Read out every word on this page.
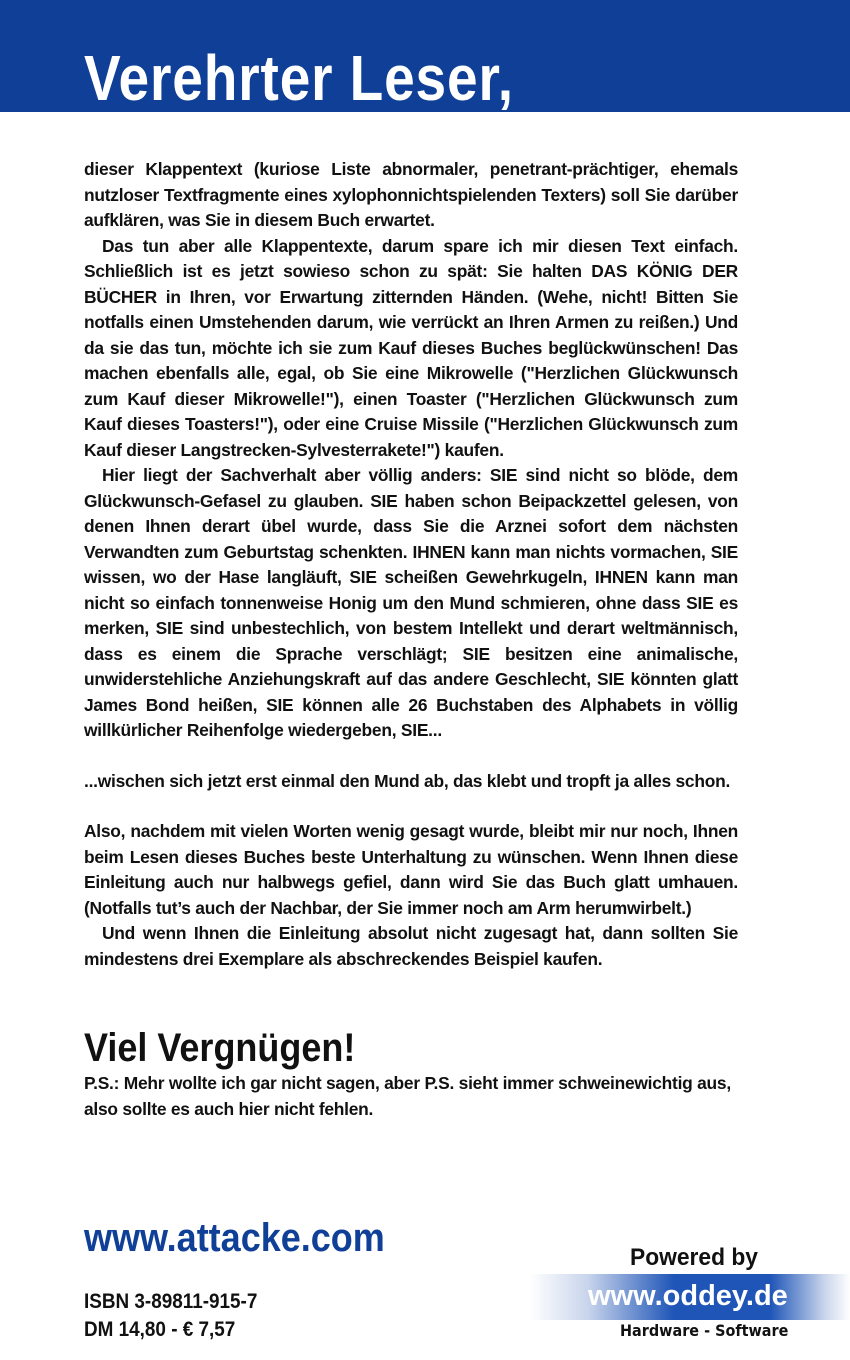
Verehrter Leser,

dieser Klappentext (kuriose Liste abnormaler, penetrant-prächtiger, ehemals nutzloser Textfragmente eines xylophonnichtspielenden Texters) soll Sie darüber aufklären, was Sie in diesem Buch erwartet.

Das tun aber alle Klappentexte, darum spare ich mir diesen Text einfach. Schließlich ist es jetzt sowieso schon zu spät: Sie halten DAS KÖNIG DER BÜCHER in Ihren, vor Erwartung zitternden Händen. (Wehe, nicht! Bitten Sie notfalls einen Umstehenden darum, wie verrückt an Ihren Armen zu reißen.) Und da sie das tun, möchte ich sie zum Kauf dieses Buches beglückwünschen! Das machen ebenfalls alle, egal, ob Sie eine Mikrowelle ("Herzlichen Glückwunsch zum Kauf dieser Mikrowelle!"), einen Toaster ("Herzlichen Glückwunsch zum Kauf dieses Toasters!"), oder eine Cruise Missile ("Herzlichen Glückwunsch zum Kauf dieser Langstrecken-Sylvesterrakete!") kaufen.

Hier liegt der Sachverhalt aber völlig anders: SIE sind nicht so blöde, dem Glückwunsch-Gefasel zu glauben. SIE haben schon Beipackzettel gelesen, von denen Ihnen derart übel wurde, dass Sie die Arznei sofort dem nächsten Verwandten zum Geburtstag schenkten. IHNEN kann man nichts vormachen, SIE wissen, wo der Hase langläuft, SIE scheißen Gewehrkugeln, IHNEN kann man nicht so einfach tonnenweise Honig um den Mund schmieren, ohne dass SIE es merken, SIE sind unbestechlich, von bestem Intellekt und derart weltmännisch, dass es einem die Sprache verschlägt; SIE besitzen eine animalische, unwiderstehliche Anziehungskraft auf das andere Geschlecht, SIE könnten glatt James Bond heißen, SIE können alle 26 Buchstaben des Alphabets in völlig willkürlicher Reihenfolge wiedergeben, SIE...

...wischen sich jetzt erst einmal den Mund ab, das klebt und tropft ja alles schon.

Also, nachdem mit vielen Worten wenig gesagt wurde, bleibt mir nur noch, Ihnen beim Lesen dieses Buches beste Unterhaltung zu wünschen. Wenn Ihnen diese Einleitung auch nur halbwegs gefiel, dann wird Sie das Buch glatt umhauen. (Notfalls tut’s auch der Nachbar, der Sie immer noch am Arm herumwirbelt.)

Und wenn Ihnen die Einleitung absolut nicht zugesagt hat, dann sollten Sie mindestens drei Exemplare als abschreckendes Beispiel kaufen.

Viel Vergnügen!

P.S.: Mehr wollte ich gar nicht sagen, aber P.S. sieht immer schweinewichtig aus, also sollte es auch hier nicht fehlen.

www.attacke.com

ISBN 3-89811-915-7

DM 14,80 - € 7,57

Powered by

www.oddey.de

Hardware - Software
